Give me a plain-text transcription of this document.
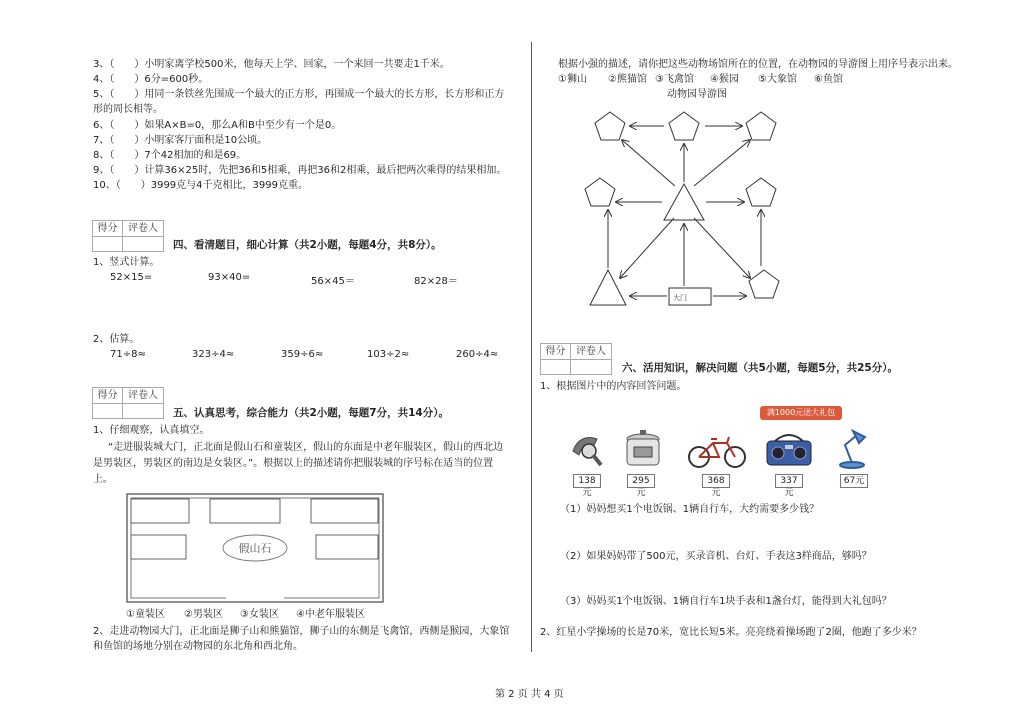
3、（　　）小明家离学校500米，他每天上学、回家，一个来回一共要走1千米。
4、（　　）6分=600秒。
5、（　　）用同一条铁丝先围成一个最大的正方形，再围成一个最大的长方形，长方形和正方
形的周长相等。
6、（　　）如果A×B=0，那么A和B中至少有一个是0。
7、（　　）小明家客厅面积是10公顷。
8、（　　）7个42相加的和是69。
9、（　　）计算36×25时，先把36和5相乘，再把36和2相乘，最后把两次乘得的结果相加。
10、（　　）3999克与4千克相比，3999克重。
得分	评卷人
四、看清题目，细心计算（共2小题，每题4分，共8分）。
1、竖式计算。
52×15=	93×40=	56×45＝	82×28＝
2、估算。
71÷8≈	323÷4≈	359÷6≈	103÷2≈	260÷4≈
得分	评卷人
五、认真思考，综合能力（共2小题，每题7分，共14分）。
1、仔细观察，认真填空。
“走进服装城大门，正北面是假山石和童装区，假山的东面是中老年服装区，假山的西北边
是男装区，男装区的南边是女装区。”。根据以上的描述请你把服装城的序号标在适当的位置
上。
假山石
①童装区 ②男装区 ③女装区 ④中老年服装区
2、走进动物园大门，正北面是狮子山和熊猫馆，狮子山的东侧是飞禽馆，西侧是猴园，大象馆
和鱼馆的场地分别在动物园的东北角和西北角。
根据小强的描述，请你把这些动物场馆所在的位置，在动物园的导游图上用序号表示出来。
①狮山 ②熊猫馆 ③飞禽馆 ④猴园 ⑤大象馆 ⑥鱼馆
动物园导游图
大门
得分	评卷人
六、活用知识，解决问题（共5小题，每题5分，共25分）。
1、根据图片中的内容回答问题。
满1000元送大礼包
138元
295元
368元
337元
67元
（1）妈妈想买1个电饭锅、1辆自行车，大约需要多少钱？
（2）如果妈妈带了500元，买录音机、台灯、手表这3样商品，够吗？
（3）妈妈买1个电饭锅、1辆自行车1块手表和1盏台灯，能得到大礼包吗？
2、红星小学操场的长是70米，宽比长短5米。亮亮绕着操场跑了2圈，他跑了多少米？
第 2 页 共 4 页
